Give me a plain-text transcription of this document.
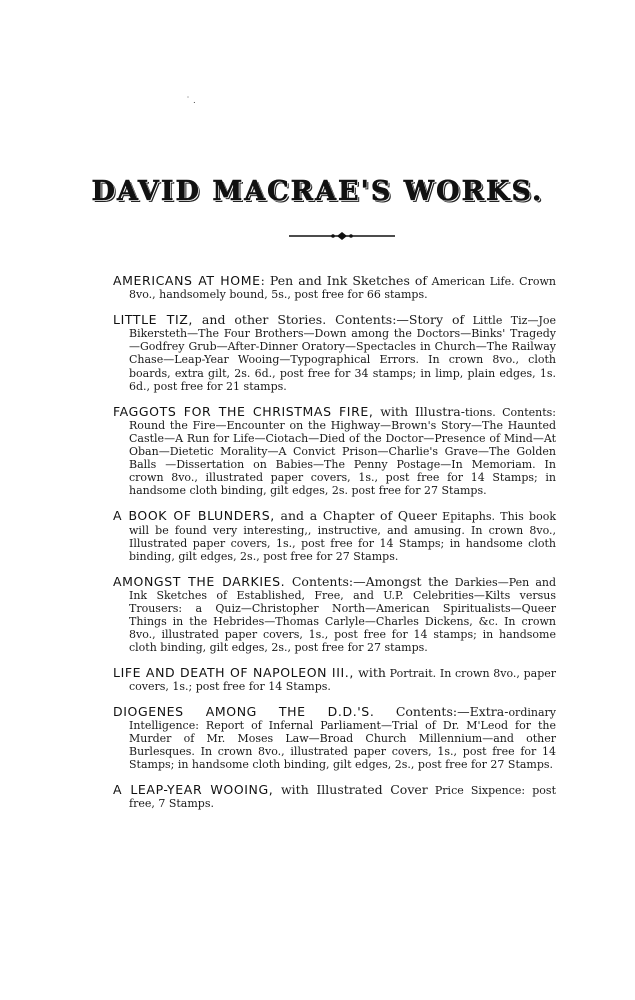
˙․
DAVID MACRAE'S WORKS.

AMERICANS AT HOME: Pen and Ink Sketches of American Life. Crown 8vo., handsomely bound, 5s., post free for 66 stamps.

LITTLE TIZ, and other Stories. Contents:—Story of Little Tiz—Joe Bikersteth—The Four Brothers—Down among the Doctors—Binks' Tragedy—Godfrey Grub—After-Dinner Oratory—Spectacles in Church—The Railway Chase—Leap-Year Wooing—Typographical Errors. In crown 8vo., cloth boards, extra gilt, 2s. 6d., post free for 34 stamps; in limp, plain edges, 1s. 6d., post free for 21 stamps.

FAGGOTS FOR THE CHRISTMAS FIRE, with Illustra-tions. Contents: Round the Fire—Encounter on the Highway—Brown's Story—The Haunted Castle—A Run for Life—Ciotach—Died of the Doctor—Presence of Mind—At Oban—Dietetic Morality—A Convict Prison—Charlie's Grave—The Golden Balls —Dissertation on Babies—The Penny Postage—In Memoriam. In crown 8vo., illustrated paper covers, 1s., post free for 14 Stamps; in handsome cloth binding, gilt edges, 2s. post free for 27 Stamps.

A BOOK OF BLUNDERS, and a Chapter of Queer Epitaphs. This book will be found very interesting,, instructive, and amusing. In crown 8vo., Illustrated paper covers, 1s., post free for 14 Stamps; in handsome cloth binding, gilt edges, 2s., post free for 27 Stamps.

AMONGST THE DARKIES. Contents:—Amongst the Darkies—Pen and Ink Sketches of Established, Free, and U.P. Celebrities—Kilts versus Trousers: a Quiz—Christopher North—American Spiritualists—Queer Things in the Hebrides—Thomas Carlyle—Charles Dickens, &c. In crown 8vo., illustrated paper covers, 1s., post free for 14 stamps; in handsome cloth binding, gilt edges, 2s., post free for 27 stamps.

LIFE AND DEATH OF NAPOLEON III., with Portrait. In crown 8vo., paper covers, 1s.; post free for 14 Stamps.

DIOGENES AMONG THE D.D.'S. Contents:—Extra-ordinary Intelligence: Report of Infernal Parliament—Trial of Dr. M'Leod for the Murder of Mr. Moses Law—Broad Church Millennium—and other Burlesques. In crown 8vo., illustrated paper covers, 1s., post free for 14 Stamps; in handsome cloth binding, gilt edges, 2s., post free for 27 Stamps.

A LEAP-YEAR WOOING, with Illustrated Cover Price Sixpence: post free, 7 Stamps.
